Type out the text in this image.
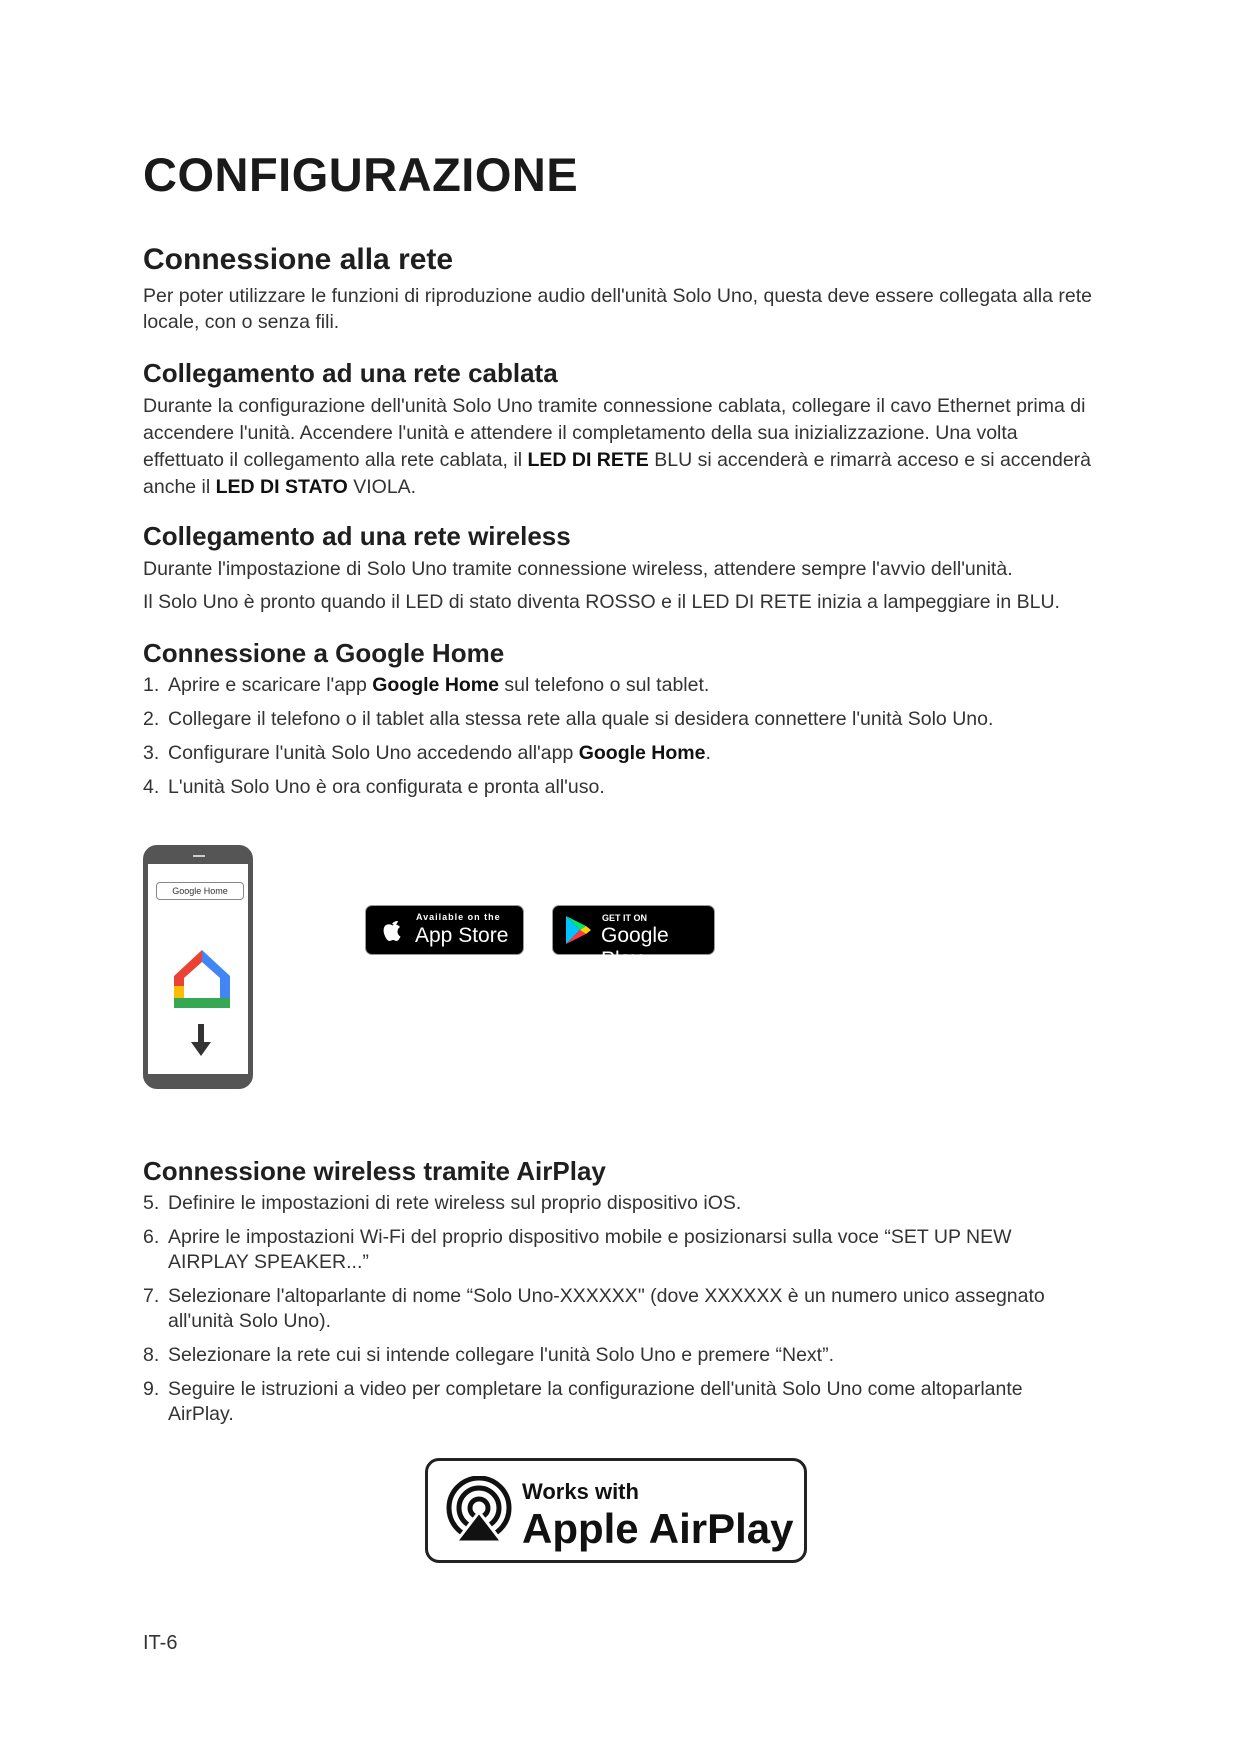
CONFIGURAZIONE
Connessione alla rete

Per poter utilizzare le funzioni di riproduzione audio dell'unità Solo Uno, questa deve essere collegata alla rete locale, con o senza fili.

Collegamento ad una rete cablata

Durante la configurazione dell'unità Solo Uno tramite connessione cablata, collegare il cavo Ethernet prima di accendere l'unità. Accendere l'unità e attendere il completamento della sua inizializzazione. Una volta effettuato il collegamento alla rete cablata, il LED DI RETE BLU si accenderà e rimarrà acceso e si accenderà anche il LED DI STATO VIOLA.

Collegamento ad una rete wireless

Durante l'impostazione di Solo Uno tramite connessione wireless, attendere sempre l'avvio dell'unità.

Il Solo Uno è pronto quando il LED di stato diventa ROSSO e il LED DI RETE inizia a lampeggiare in BLU.

Connessione a Google Home
1. Aprire e scaricare l'app Google Home sul telefono o sul tablet.
2. Collegare il telefono o il tablet alla stessa rete alla quale si desidera connettere l'unità Solo Uno.
3. Configurare l'unità Solo Uno accedendo all'app Google Home.
4. L'unità Solo Uno è ora configurata e pronta all'uso.
Google Home
Available on the
App Store
GET IT ON
Google Play
Connessione wireless tramite AirPlay
5. Definire le impostazioni di rete wireless sul proprio dispositivo iOS.
6. Aprire le impostazioni Wi-Fi del proprio dispositivo mobile e posizionarsi sulla voce “SET UP NEW AIRPLAY SPEAKER...”
7. Selezionare l'altoparlante di nome “Solo Uno-XXXXXX" (dove XXXXXX è un numero unico assegnato all'unità Solo Uno).
8. Selezionare la rete cui si intende collegare l'unità Solo Uno e premere “Next”.
9. Seguire le istruzioni a video per completare la configurazione dell'unità Solo Uno come altoparlante AirPlay.
Works with
Apple AirPlay
IT-6
